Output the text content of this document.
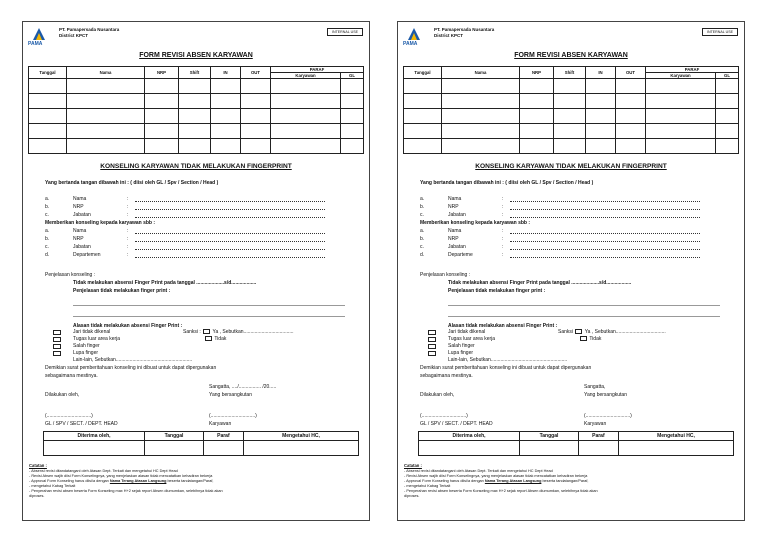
PAMA
PT. Pamapersada Nusantara
District KPCT
INTERNAL USE
FORM REVISI ABSEN KARYAWAN
Tanggal	Nama	NRP	Shift	IN	OUT	PARAF	
						Karyawan	GL

KONSELING KARYAWAN TIDAK MELAKUKAN FINGERPRINT
Yang bertanda tangan dibawah ini : ( diisi oleh GL / Spv / Section / Head )
a.	Nama	:
b.	NRP	:
c.	Jabatan	:
Memberikan konseling kepada karyawan sbb :
a.	Nama	:
b.	NRP	:
c.	Jabatan	:
d.	Departemen	:
Penjelasan konseling :
Tidak melakukan absensi Finger Print pada tanggal ....................s/d..................
Penjelasan tidak melakukan finger print :
Alasan tidak melakukan absensi Finger Print :
Jari tidak dikenal
Tugas luar area kerja
Salah finger
Lupa finger
Lain-lain, Sebutkan.......................................................
Sanksi : Ya , Sebutkan....................................
Tidak
Demikian surat pemberitahuan konseling ini dibuat untuk dapat dipergunakan
sebagaimana mestinya.
Sangatta, ..../................ /20.....
Dilakukan oleh,	Yang bersangkutan
(................................)	(................................)
GL / SPV / SECT. / DEPT. HEAD	Karyawan
Diterima oleh,	Tanggal	Paraf	Mengetahui HC,

Catatan :
- Absensi revisi ditandatangani oleh Atasan Dept. Terkait dan mengetahui HC Dept Head
- Revisi Absen wajib diisi Form Konselingnya, yang menjelaskan alasan tidak mencatatkan kehadiran bekerja
- Approval Form Konseling harus diisi/a dengan Nama Terang Atasan Langsung beserta tandatangan/Paraf,
- mengetahui Kabag Terkait
- Penyerahan revisi absen beserta Form Konseling max H+2 sejak report Absen diumumkan, selebihnya tidak akan
diproses.
PAMA
PT. Pamapersada Nusantara
District KPCT
INTERNAL USE
FORM REVISI ABSEN KARYAWAN
Tanggal	Nama	NRP	Shift	IN	OUT	PARAF	
						Karyawan	GL

KONSELING KARYAWAN TIDAK MELAKUKAN FINGERPRINT
Yang bertanda tangan dibawah ini : ( diisi oleh GL / Spv / Section / Head )
a.	Nama	:
b.	NRP	:
c.	Jabatan	:
Memberikan konseling kepada karyawan sbb :
a.	Nama	:
b.	NRP	:
c.	Jabatan	:
d.	Departeme	:
Penjelasan konseling :
Tidak melakukan absensi Finger Print pada tanggal ....................s/d..................
Penjelasan tidak melakukan finger print :
Alasan tidak melakukan absensi Finger Print :
Jari tidak dikenal
Tugas luar area kerja
Salah finger
Lupa finger
Lain-lain, Sebutkan.......................................................
Sanksi Ya , Sebutkan....................................
Tidak
Demikian surat pemberitahuan konseling ini dibuat untuk dapat dipergunakan
sebagaimana mestinya.
Sangatta,
Dilakukan oleh,	Yang bersangkutan
(................................)	(................................)
GL / SPV / SECT. / DEPT. HEAD	Karyawan
Diterima oleh,	Tanggal	Paraf	Mengetahui HC,

Catatan :
- Absensi revisi ditandatangani oleh Atasan Dept. Terkait dan mengetahui HC Dept Head
- Revisi Absen wajib diisi Form Konselingnya, yang menjelaskan alasan tidak mencatatkan kehadiran bekerja
- Approval Form Konseling harus diisi/a dengan Nama Terang Atasan Langsung beserta tandatangan/Paraf,
- mengetahui Kabag Terkait
- Penyerahan revisi absen beserta Form Konseling max H+2 sejak report Absen diumumkan, selebihnya tidak akan
diproses.
